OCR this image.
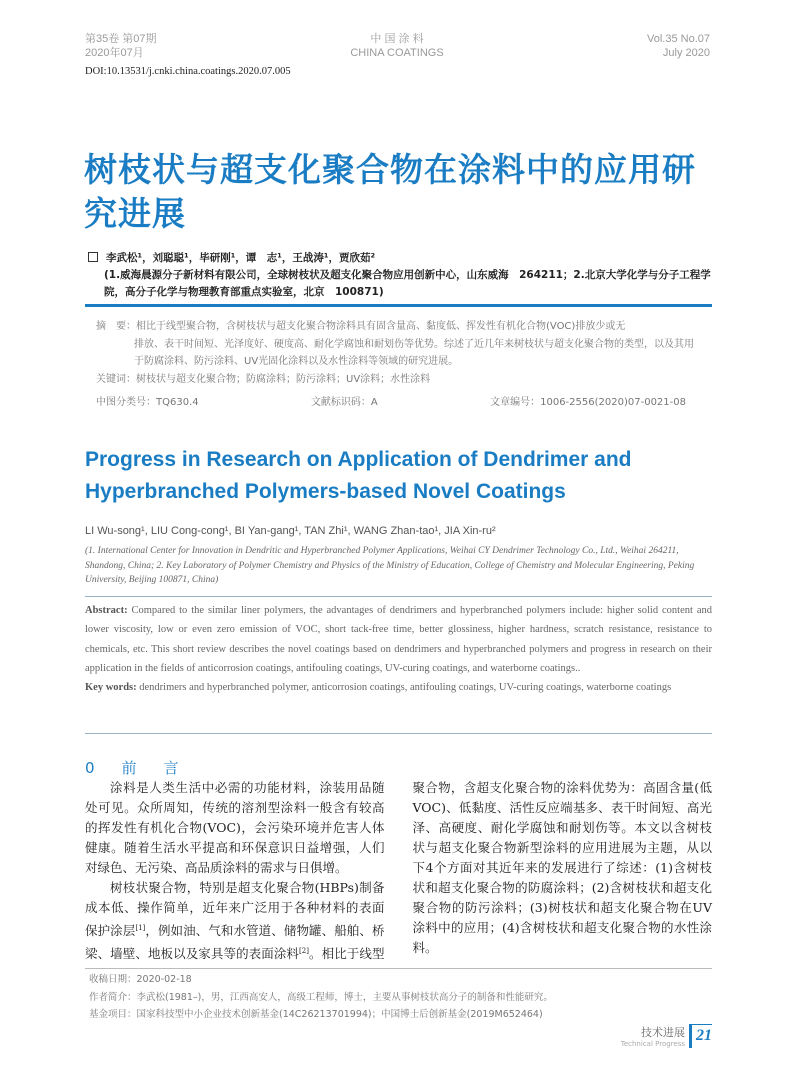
第35卷 第07期
2020年07月
中 国 涂 料
CHINA COATINGS
Vol.35 No.07
July 2020
DOI:10.13531/j.cnki.china.coatings.2020.07.005
树枝状与超支化聚合物在涂料中的应用研究进展
李武松¹，刘聪聪¹，毕研刚¹，谭　志¹，王战涛¹，贾欣茹²
(1.威海晨源分子新材料有限公司，全球树枝状及超支化聚合物应用创新中心，山东威海　264211；2.北京大学化学与分子工程学院，高分子化学与物理教育部重点实验室，北京　100871)
摘　要：相比于线型聚合物，含树枝状与超支化聚合物涂料具有固含量高、黏度低、挥发性有机化合物(VOC)排放少或无
排放、表干时间短、光泽度好、硬度高、耐化学腐蚀和耐划伤等优势。综述了近几年来树枝状与超支化聚合物的类型，以及其用于防腐涂料、防污涂料、UV光固化涂料以及水性涂料等领域的研究进展。
关键词：树枝状与超支化聚合物；防腐涂料；防污涂料；UV涂料；水性涂料
中图分类号：TQ630.4	文献标识码：A	文章编号：1006-2556(2020)07-0021-08
Progress in Research on Application of Dendrimer and Hyperbranched Polymers-based Novel Coatings
LI Wu-song¹, LIU Cong-cong¹, BI Yan-gang¹, TAN Zhi¹, WANG Zhan-tao¹, JIA Xin-ru²
(1. International Center for Innovation in Dendritic and Hyperbranched Polymer Applications, Weihai CY Dendrimer Technology Co., Ltd., Weihai 264211, Shandong, China; 2. Key Laboratory of Polymer Chemistry and Physics of the Ministry of Education, College of Chemistry and Molecular Engineering, Peking University, Beijing 100871, China)
Abstract: Compared to the similar liner polymers, the advantages of dendrimers and hyperbranched polymers include: higher solid content and lower viscosity, low or even zero emission of VOC, short tack-free time, better glossiness, higher hardness, scratch resistance, resistance to chemicals, etc. This short review describes the novel coatings based on dendrimers and hyperbranched polymers and progress in research on their application in the fields of anticorrosion coatings, antifouling coatings, UV-curing coatings, and waterborne coatings..
Key words: dendrimers and hyperbranched polymer, anticorrosion coatings, antifouling coatings, UV-curing coatings, waterborne coatings
0　前　言

涂料是人类生活中必需的功能材料，涂装用品随处可见。众所周知，传统的溶剂型涂料一般含有较高的挥发性有机化合物(VOC)，会污染环境并危害人体健康。随着生活水平提高和环保意识日益增强，人们对绿色、无污染、高品质涂料的需求与日俱增。

树枝状聚合物，特别是超支化聚合物(HBPs)制备成本低、操作简单，近年来广泛用于各种材料的表面保护涂层[1]，例如油、气和水管道、储物罐、船舶、桥梁、墙壁、地板以及家具等的表面涂料[2]。相比于线型聚合物，含超支化聚合物的涂料优势为：高固含量(低VOC)、低黏度、活性反应端基多、表干时间短、高光泽、高硬度、耐化学腐蚀和耐划伤等。本文以含树枝状与超支化聚合物新型涂料的应用进展为主题，从以下4个方面对其近年来的发展进行了综述：(1)含树枝状和超支化聚合物的防腐涂料；(2)含树枝状和超支化聚合物的防污涂料；(3)树枝状和超支化聚合物在UV涂料中的应用；(4)含树枝状和超支化聚合物的水性涂料。

收稿日期：2020-02-18
作者简介：李武松(1981–)，男，江西高安人，高级工程师，博士，主要从事树枝状高分子的制备和性能研究。
基金项目：国家科技型中小企业技术创新基金(14C26213701994)；中国博士后创新基金(2019M652464)
技术进展
Technical Progress 21
